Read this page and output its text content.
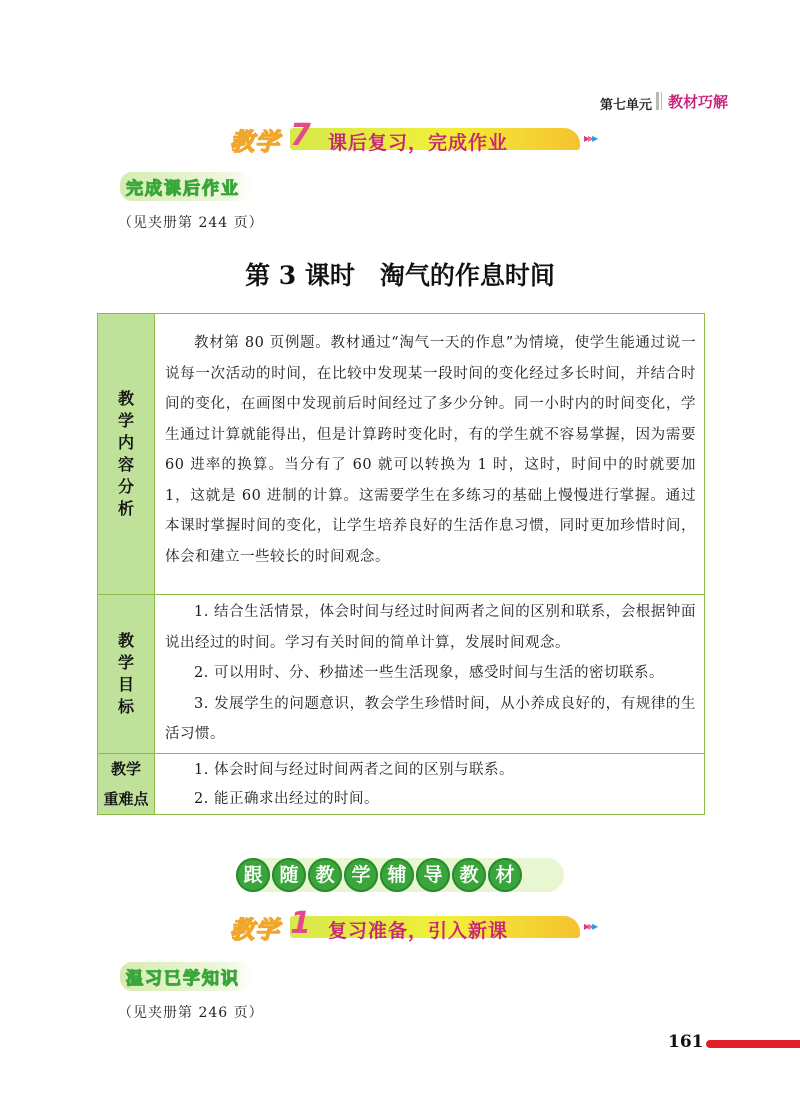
第七单元 教材巧解
教学 7 课后复习，完成作业	▸▸▸
完成课后作业
（见夹册第 244 页）
第 3 课时　淘气的作息时间
教学内容分析

教材第 80 页例题。教材通过“淘气一天的作息”为情境，使学生能通过说一说每一次活动的时间，在比较中发现某一段时间的变化经过多长时间，并结合时间的变化，在画图中发现前后时间经过了多少分钟。同一小时内的时间变化，学生通过计算就能得出，但是计算跨时变化时，有的学生就不容易掌握，因为需要 60 进率的换算。当分有了 60 就可以转换为 1 时，这时，时间中的时就要加 1，这就是 60 进制的计算。这需要学生在多练习的基础上慢慢进行掌握。通过本课时掌握时间的变化，让学生培养良好的生活作息习惯，同时更加珍惜时间，体会和建立一些较长的时间观念。

教学目标

1. 结合生活情景，体会时间与经过时间两者之间的区别和联系，会根据钟面说出经过的时间。学习有关时间的简单计算，发展时间观念。

2. 可以用时、分、秒描述一些生活现象，感受时间与生活的密切联系。

3. 发展学生的问题意识，教会学生珍惜时间，从小养成良好的，有规律的生活习惯。

教学
重难点

1. 体会时间与经过时间两者之间的区别与联系。

2. 能正确求出经过的时间。

跟 随 教 学 辅 导 教 材
教学 1 复习准备，引入新课	▸▸▸
温习已学知识
（见夹册第 246 页）
161
